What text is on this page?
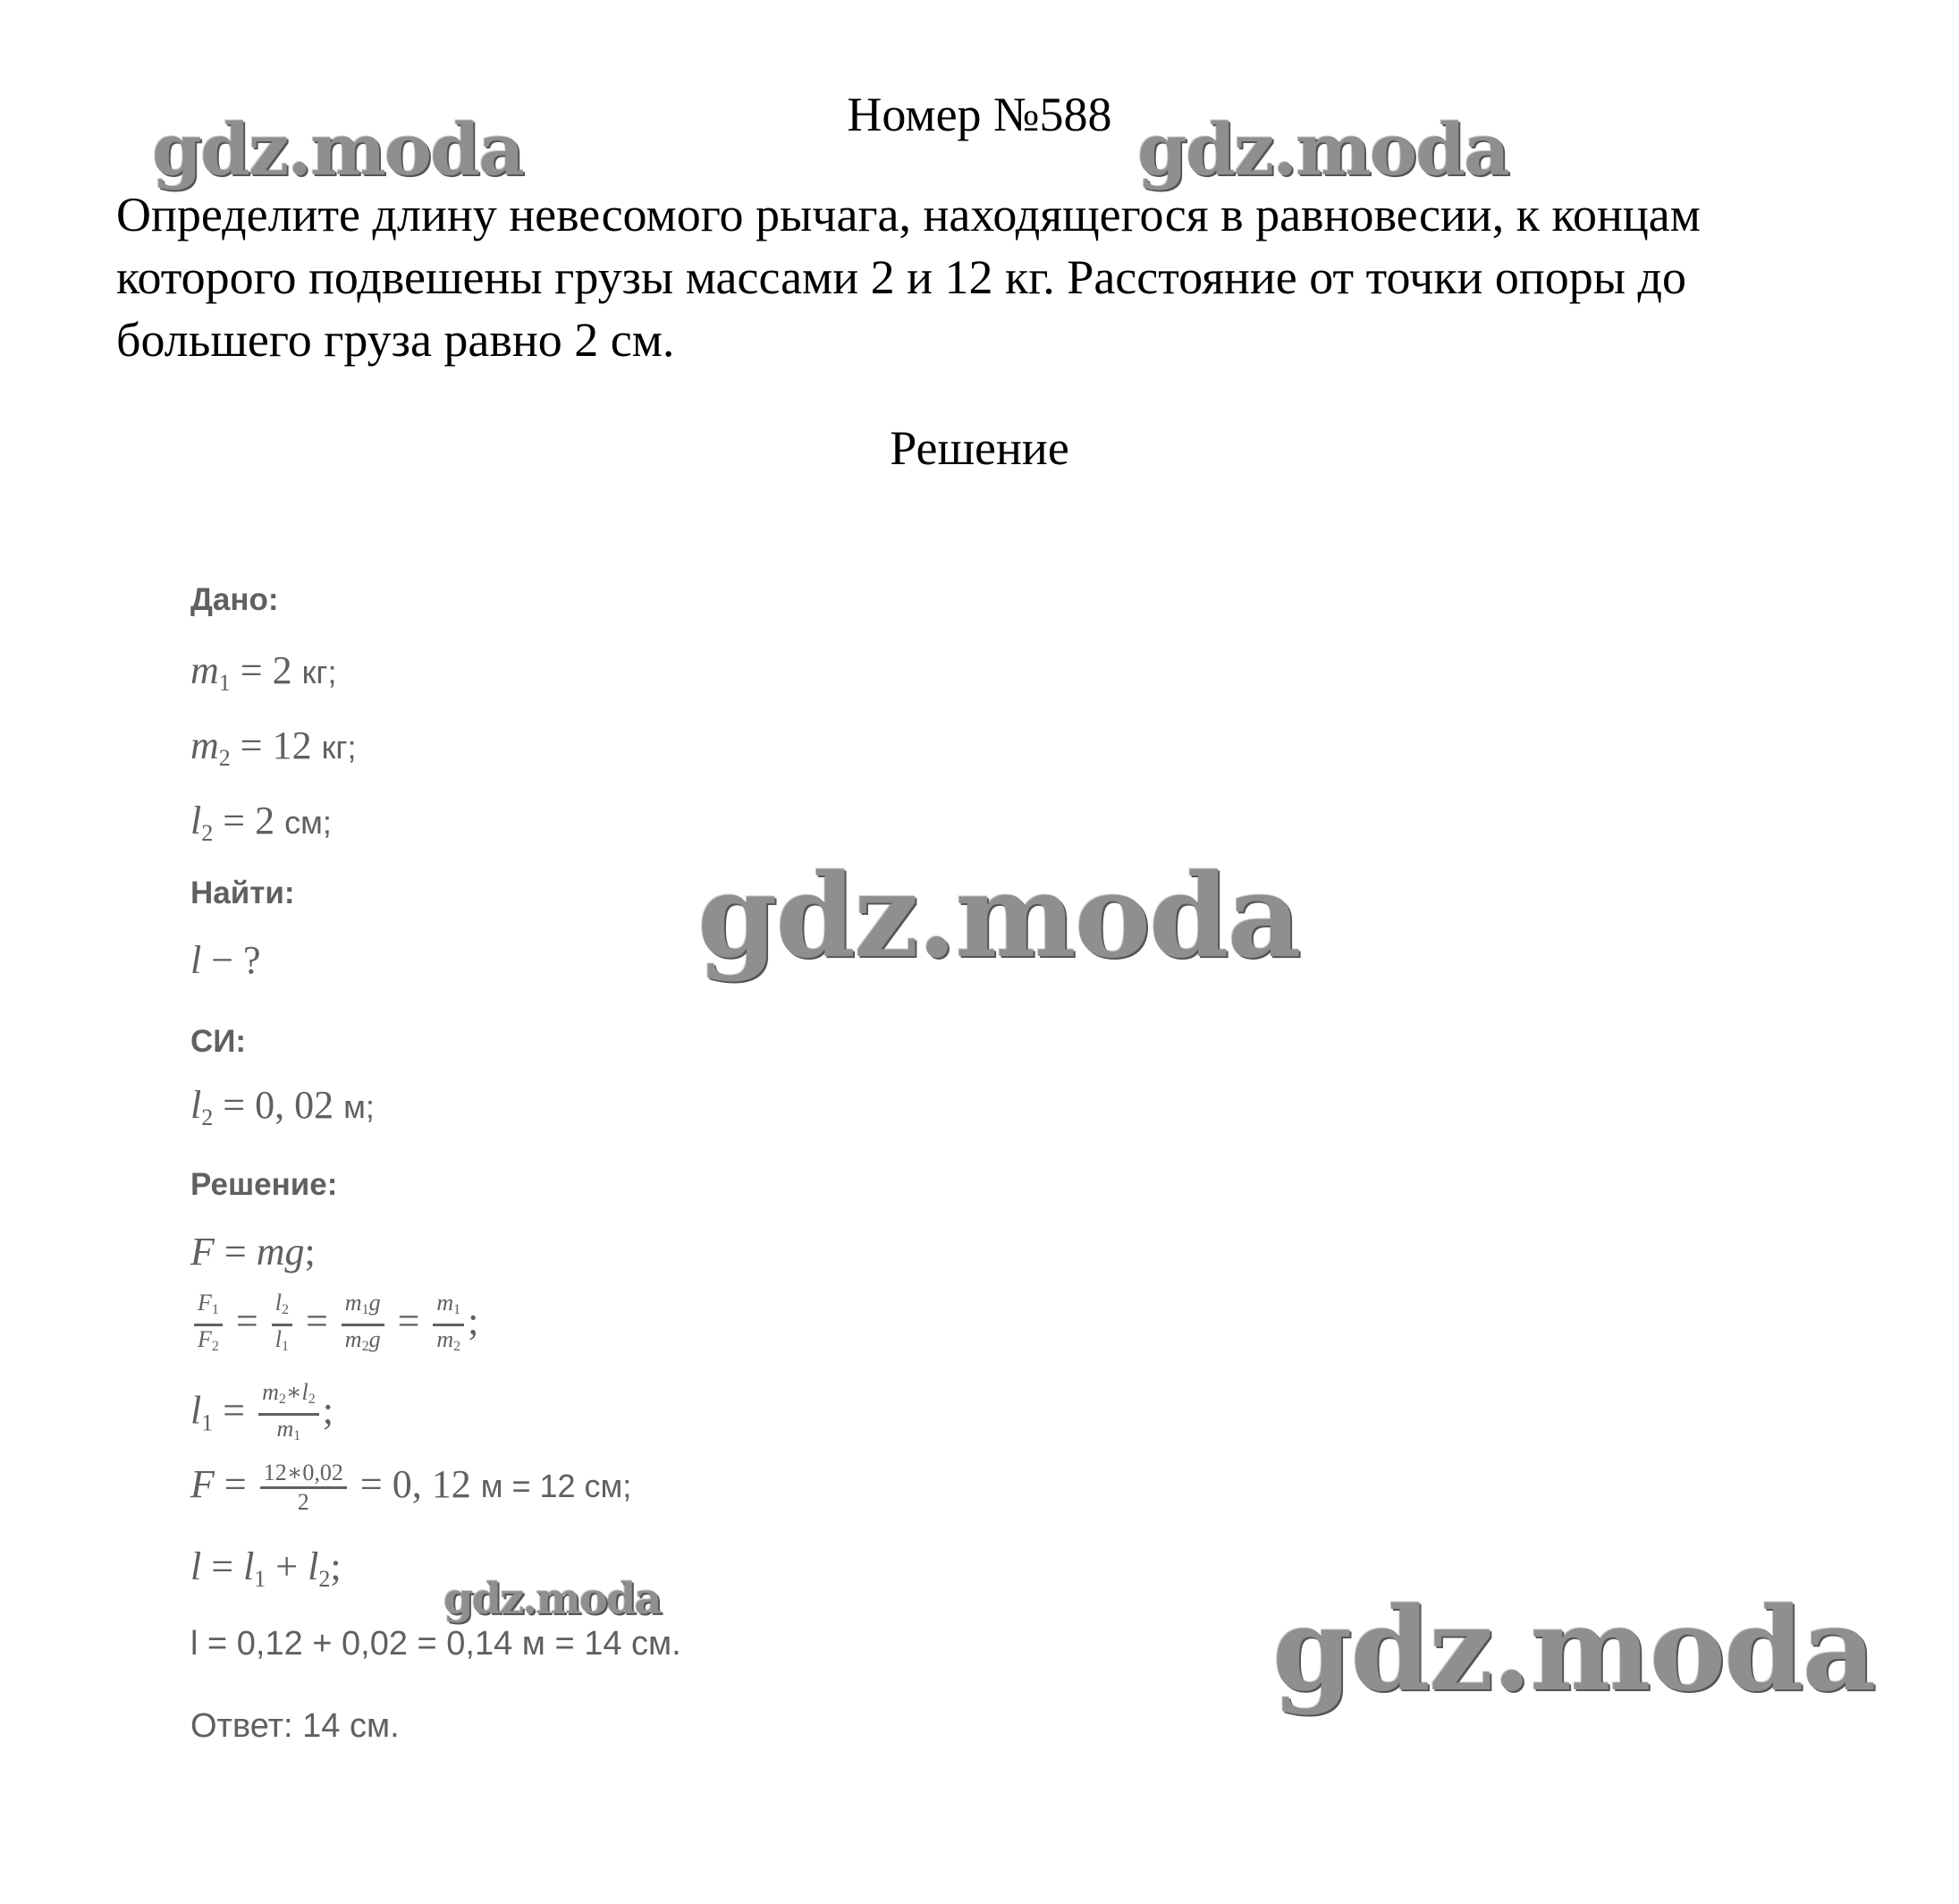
Номер №588

Определите длину невесомого рычага, находящегося в равновесии, к концам которого подвешены грузы массами 2 и 12 кг. Расстояние от точки опоры до большего груза равно 2 см.

Решение
Дано:
$m_1 = 2$ кг;
$m_2 = 12$ кг;
$l_2 = 2$ см;
Найти:
l − ?
СИ:
$l_2 = 0$, 02 м;
Решение:
F = mg;
$\frac{F_1}{F_2} = \frac{l_2}{l_1} = \frac{m_1g}{m_2g} = \frac{m_1}{m_2}$ ;
$l_1 = \frac{m_2∗l_2}{m_1}$ ;
$F = \frac{12∗0,02}{2} = 0$, 12 м = 12 см;
$l = l_1 + l_2$;
l = 0,12 + 0,02 = 0,14 м = 14 см.
Ответ: 14 см.
gdz.moda	gdz.moda
gdz.moda
gdz.moda	gdz.moda
